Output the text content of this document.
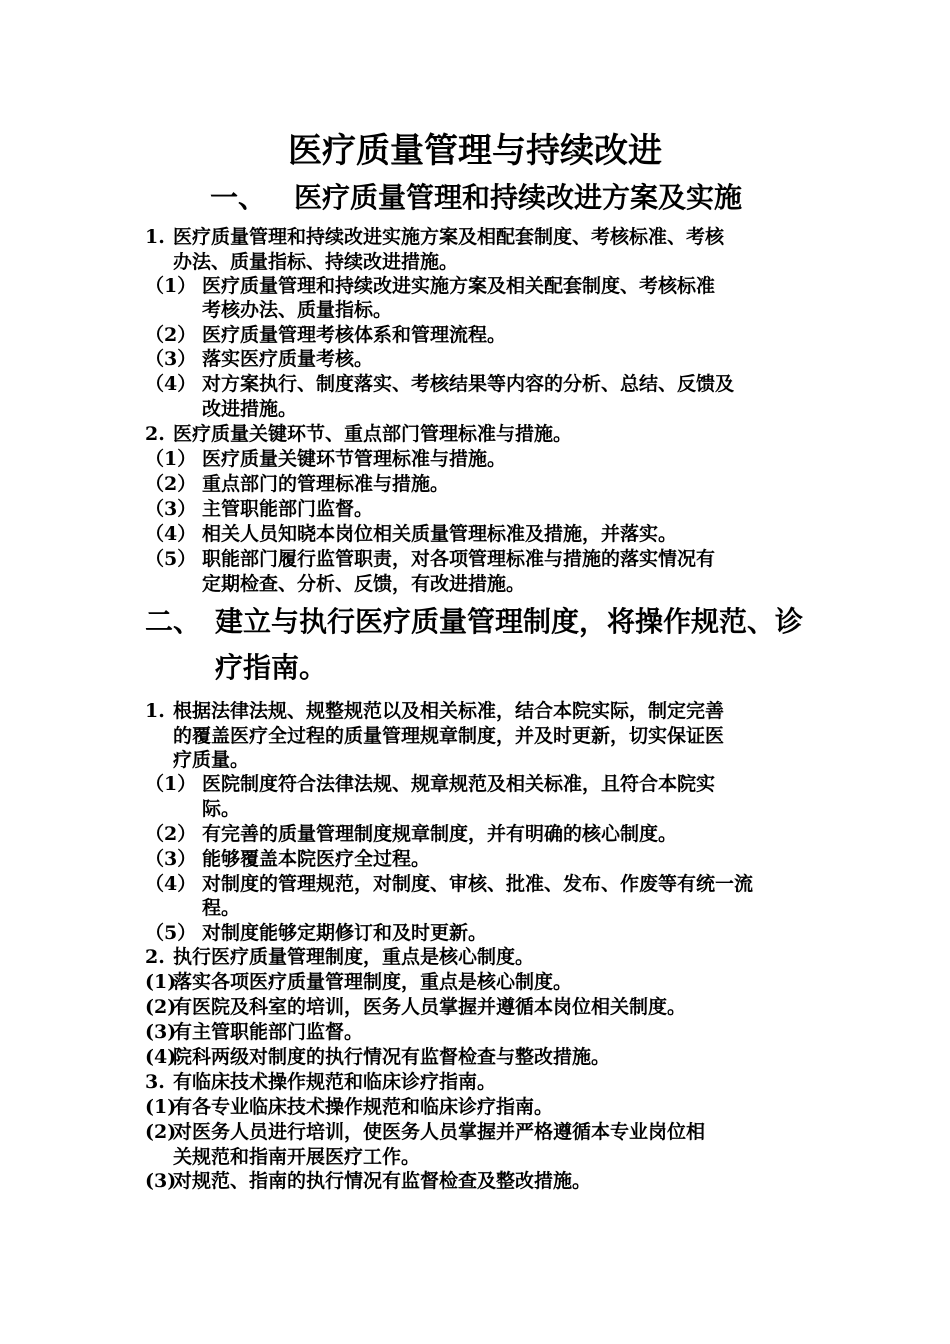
医疗质量管理与持续改进
一、 医疗质量管理和持续改进方案及实施
1. 医疗质量管理和持续改进实施方案及相配套制度、考核标准、考核
办法、质量指标、持续改进措施。
（1） 医疗质量管理和持续改进实施方案及相关配套制度、考核标准
考核办法、质量指标。
（2） 医疗质量管理考核体系和管理流程。
（3） 落实医疗质量考核。
（4） 对方案执行、制度落实、考核结果等内容的分析、总结、反馈及
改进措施。
2. 医疗质量关键环节、重点部门管理标准与措施。
（1） 医疗质量关键环节管理标准与措施。
（2） 重点部门的管理标准与措施。
（3） 主管职能部门监督。
（4） 相关人员知晓本岗位相关质量管理标准及措施，并落实。
（5） 职能部门履行监管职责，对各项管理标准与措施的落实情况有
定期检查、分析、反馈，有改进措施。
二、 建立与执行医疗质量管理制度，将操作规范、诊
疗指南。
1. 根据法律法规、规整规范以及相关标准，结合本院实际，制定完善
的覆盖医疗全过程的质量管理规章制度，并及时更新，切实保证医
疗质量。
（1） 医院制度符合法律法规、规章规范及相关标准，且符合本院实
际。
（2） 有完善的质量管理制度规章制度，并有明确的核心制度。
（3） 能够覆盖本院医疗全过程。
（4） 对制度的管理规范，对制度、审核、批准、发布、作废等有统一流
程。
（5） 对制度能够定期修订和及时更新。
2. 执行医疗质量管理制度，重点是核心制度。
(1)
落实各项医疗质量管理制度，重点是核心制度。
(2)
有医院及科室的培训，医务人员掌握并遵循本岗位相关制度。
(3)
有主管职能部门监督。
(4)
院科两级对制度的执行情况有监督检查与整改措施。
3. 有临床技术操作规范和临床诊疗指南。
(1)
有各专业临床技术操作规范和临床诊疗指南。
(2)
对医务人员进行培训，使医务人员掌握并严格遵循本专业岗位相
关规范和指南开展医疗工作。
(3)
对规范、指南的执行情况有监督检查及整改措施。
